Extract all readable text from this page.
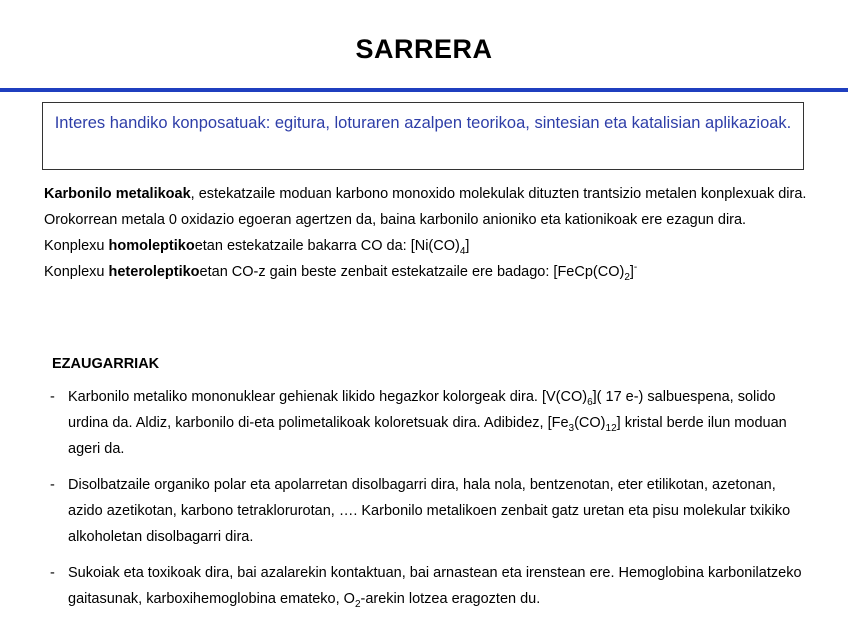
SARRERA
Interes handiko konposatuak: egitura, loturaren azalpen teorikoa, sintesian eta katalisian aplikazioak.

Karbonilo metalikoak, estekatzaile moduan karbono monoxido molekulak dituzten trantsizio metalen konplexuak dira. Orokorrean metala 0 oxidazio egoeran agertzen da, baina karbonilo anioniko eta kationikoak ere ezagun dira.

Konplexu homoleptikoetan estekatzaile bakarra CO da: $[Ni(CO)_4]$

Konplexu heteroleptikoetan CO-z gain beste zenbait estekatzaile ere badago: $[FeCp(CO)_2]^-$

EZAUGARRIAK
- Karbonilo metaliko mononuklear gehienak likido hegazkor kolorgeak dira. $[V(CO)_6]$( 17 e-) salbuespena, solido urdina da. Aldiz, karbonilo di-eta polimetalikoak koloretsuak dira. Adibidez, $[Fe_3(CO)_{12}]$ kristal berde ilun moduan ageri da.
- Disolbatzaile organiko polar eta apolarretan disolbagarri dira, hala nola, bentzenotan, eter etilikotan, azetonan, azido azetikotan, karbono tetraklorurotan, …. Karbonilo metalikoen zenbait gatz uretan eta pisu molekular txikiko alkoholetan disolbagarri dira.
- Sukoiak eta toxikoak dira, bai azalarekin kontaktuan, bai arnastean eta irenstean ere. Hemoglobina karbonilatzeko gaitasunak, karboxihemoglobina emateko, $O_2$-arekin lotzea eragozten du.
